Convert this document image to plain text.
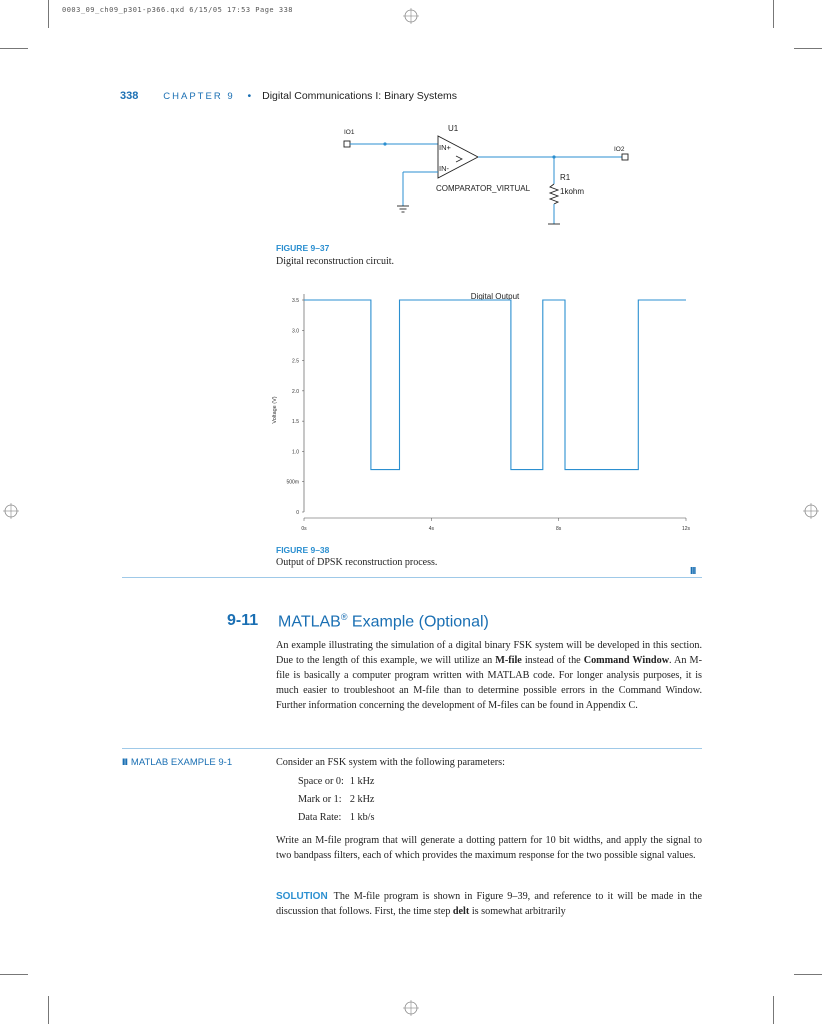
0003_09_ch09_p301-p366.qxd 6/15/05 17:53 Page 338
338	CHAPTER 9 • Digital Communications I: Binary Systems
IO1	U1
IN+
IN-
IO2
R1
COMPARATOR_VIRTUAL	1kohm
FIGURE 9–37
Digital reconstruction circuit.
Digital Output
Voltage (V)
3.5
3.0
2.5
2.0
1.5
1.0
500m
0
0s	4s	8s	12s
FIGURE 9–38
Output of DPSK reconstruction process.
III
9-11 MATLAB® Example (Optional)

An example illustrating the simulation of a digital binary FSK system will be developed in this section. Due to the length of this example, we will utilize an M-file instead of the Command Window. An M-file is basically a computer program written with MATLAB code. For longer analysis purposes, it is much easier to troubleshoot an M-file than to determine possible errors in the Command Window. Further information concerning the development of M-files can be found in Appendix C.

III MATLAB EXAMPLE 9-1	Consider an FSK system with the following parameters:

Space or 0:	1 kHz
Mark or 1:	2 kHz
Data Rate:	1 kb/s

Write an M-file program that will generate a dotting pattern for 10 bit widths, and apply the signal to two bandpass filters, each of which provides the maximum response for the two possible signal values.

SOLUTION The M-file program is shown in Figure 9–39, and reference to it will be made in the discussion that follows. First, the time step delt is somewhat arbitrarily
